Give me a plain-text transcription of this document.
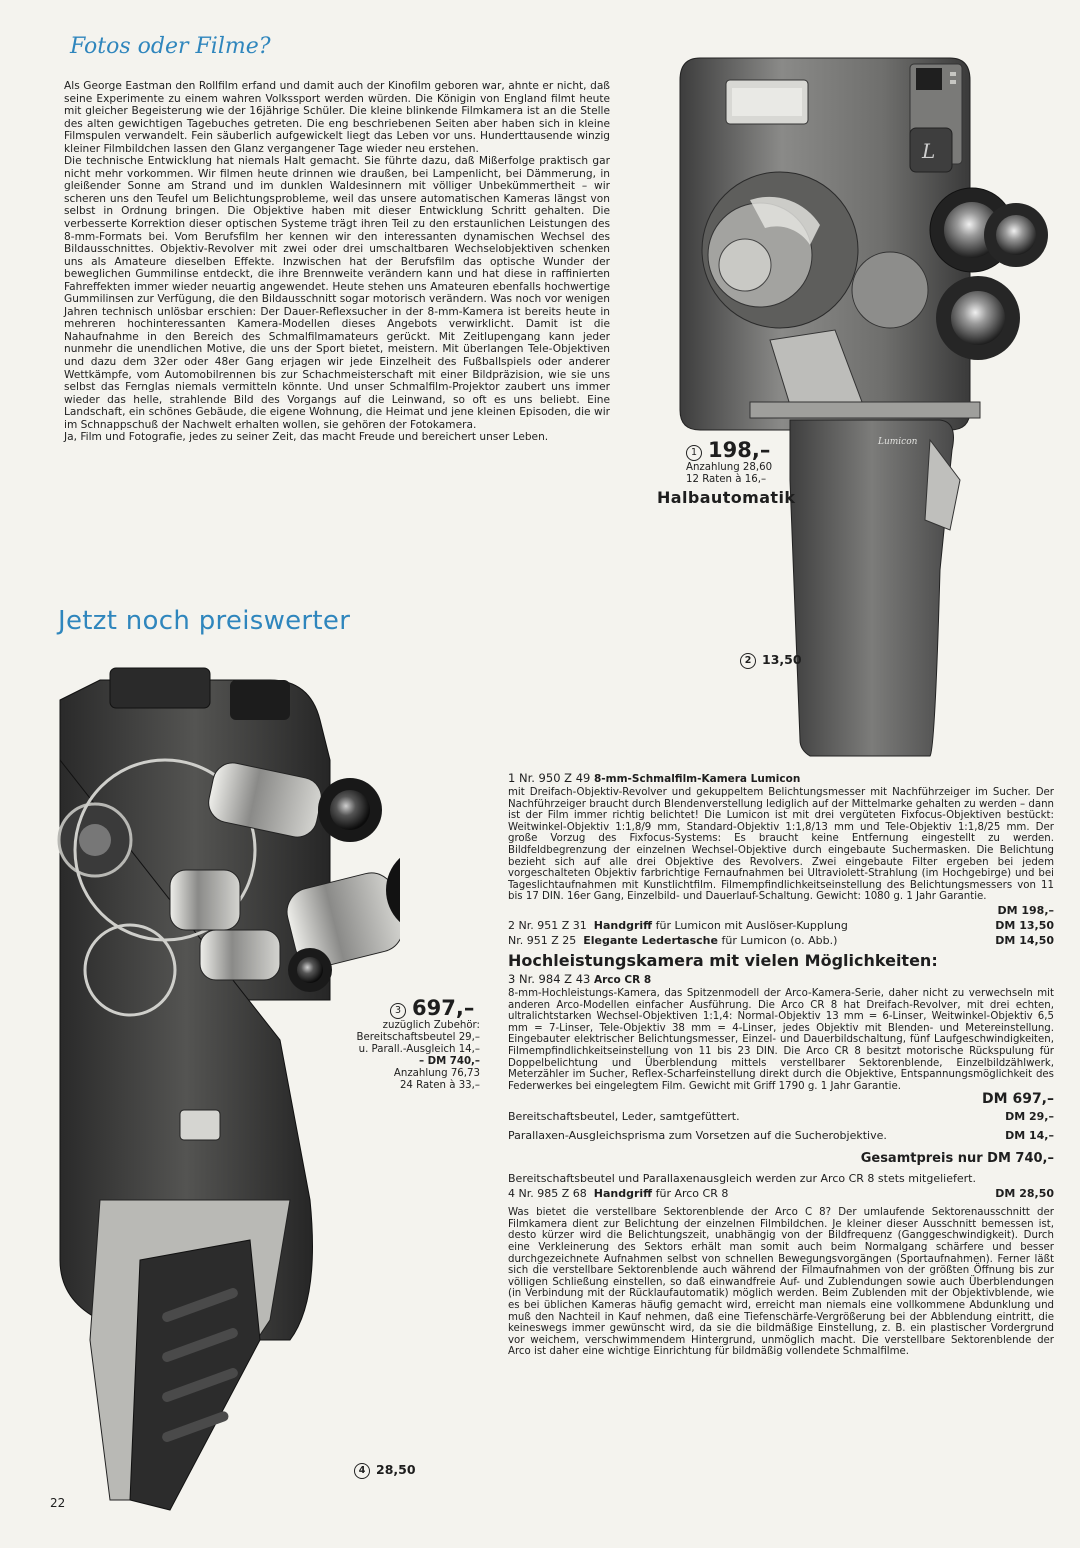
Fotos oder Filme?

Als George Eastman den Rollfilm erfand und damit auch der Kinofilm geboren war, ahnte er nicht, daß seine Experimente zu einem wahren Volkssport werden würden. Die Königin von England filmt heute mit gleicher Begeisterung wie der 16jährige Schüler. Die kleine blinkende Filmkamera ist an die Stelle des alten gewichtigen Tagebuches getreten. Die eng beschriebenen Seiten aber haben sich in kleine Filmspulen verwandelt. Fein säuberlich aufgewickelt liegt das Leben vor uns. Hunderttausende winzig kleiner Filmbildchen lassen den Glanz vergangener Tage wieder neu erstehen.

Die technische Entwicklung hat niemals Halt gemacht. Sie führte dazu, daß Mißerfolge praktisch gar nicht mehr vorkommen. Wir filmen heute drinnen wie draußen, bei Lampenlicht, bei Dämmerung, in gleißender Sonne am Strand und im dunklen Waldesinnern mit völliger Unbekümmertheit – wir scheren uns den Teufel um Belichtungsprobleme, weil das unsere automatischen Kameras längst von selbst in Ordnung bringen. Die Objektive haben mit dieser Entwicklung Schritt gehalten. Die verbesserte Korrektion dieser optischen Systeme trägt ihren Teil zu den erstaunlichen Leistungen des 8-mm-Formats bei. Vom Berufsfilm her kennen wir den interessanten dynamischen Wechsel des Bildausschnittes. Objektiv-Revolver mit zwei oder drei umschaltbaren Wechselobjektiven schenken uns als Amateure dieselben Effekte. Inzwischen hat der Berufsfilm das optische Wunder der beweglichen Gummilinse entdeckt, die ihre Brennweite verändern kann und hat diese in raffinierten Fahreffekten immer wieder neuartig angewendet. Heute stehen uns Amateuren ebenfalls hochwertige Gummilinsen zur Verfügung, die den Bildausschnitt sogar motorisch verändern. Was noch vor wenigen Jahren technisch unlösbar erschien: Der Dauer-Reflexsucher in der 8-mm-Kamera ist bereits heute in mehreren hochinteressanten Kamera-Modellen dieses Angebots verwirklicht. Damit ist die Nahaufnahme in den Bereich des Schmalfilmamateurs gerückt. Mit Zeitlupengang kann jeder nunmehr die unendlichen Motive, die uns der Sport bietet, meistern. Mit überlangen Tele-Objektiven und dazu dem 32er oder 48er Gang erjagen wir jede Einzelheit des Fußballspiels oder anderer Wettkämpfe, vom Automobilrennen bis zur Schachmeisterschaft mit einer Bildpräzision, wie sie uns selbst das Fernglas niemals vermitteln könnte. Und unser Schmalfilm-Projektor zaubert uns immer wieder das helle, strahlende Bild des Vorgangs auf die Leinwand, so oft es uns beliebt. Eine Landschaft, ein schönes Gebäude, die eigene Wohnung, die Heimat und jene kleinen Episoden, die wir im Schnappschuß der Nachwelt erhalten wollen, sie gehören der Fotokamera.

Ja, Film und Fotografie, jedes zu seiner Zeit, das macht Freude und bereichert unser Leben.

Jetzt noch preiswerter
L
Lumicon
1 198,–
Anzahlung 28,60
12 Raten à 16,–
Halbautomatik
2 13,50
3 697,–
zuzüglich Zubehör:
Bereitschaftsbeutel 29,–
u. Parall.-Ausgleich 14,–
– DM 740,–
Anzahlung 76,73
24 Raten à 33,–
4 28,50
1 Nr. 950 Z 49 8-mm-Schmalfilm-Kamera Lumicon

mit Dreifach-Objektiv-Revolver und gekuppeltem Belichtungsmesser mit Nachführzeiger im Sucher. Der Nachführzeiger braucht durch Blendenverstellung lediglich auf der Mittelmarke gehalten zu werden – dann ist der Film immer richtig belichtet! Die Lumicon ist mit drei vergüteten Fixfocus-Objektiven bestückt: Weitwinkel-Objektiv 1:1,8/9 mm, Standard-Objektiv 1:1,8/13 mm und Tele-Objektiv 1:1,8/25 mm. Der große Vorzug des Fixfocus-Systems: Es braucht keine Entfernung eingestellt zu werden. Bildfeldbegrenzung der einzelnen Wechsel-Objektive durch eingebaute Suchermasken. Die Belichtung bezieht sich auf alle drei Objektive des Revolvers. Zwei eingebaute Filter ergeben bei jedem vorgeschalteten Objektiv farbrichtige Fernaufnahmen bei Ultraviolett-Strahlung (im Hochgebirge) und bei Tageslichtaufnahmen mit Kunstlichtfilm. Filmempfindlichkeitseinstellung des Belichtungsmessers von 11 bis 17 DIN. 16er Gang, Einzelbild- und Dauerlauf-Schaltung. Gewicht: 1080 g. 1 Jahr Garantie.

DM 198,–
2 Nr. 951 Z 31 Handgriff für Lumicon mit Auslöser-Kupplung	DM 13,50
Nr. 951 Z 25 Elegante Ledertasche für Lumicon (o. Abb.)	DM 14,50
Hochleistungskamera mit vielen Möglichkeiten:
3 Nr. 984 Z 43 Arco CR 8

8-mm-Hochleistungs-Kamera, das Spitzenmodell der Arco-Kamera-Serie, daher nicht zu verwechseln mit anderen Arco-Modellen einfacher Ausführung. Die Arco CR 8 hat Dreifach-Revolver, mit drei echten, ultralichtstarken Wechsel-Objektiven 1:1,4: Normal-Objektiv 13 mm = 6-Linser, Weitwinkel-Objektiv 6,5 mm = 7-Linser, Tele-Objektiv 38 mm = 4-Linser, jedes Objektiv mit Blenden- und Metereinstellung. Eingebauter elektrischer Belichtungsmesser, Einzel- und Dauerbildschaltung, fünf Laufgeschwindigkeiten, Filmempfindlichkeitseinstellung von 11 bis 23 DIN. Die Arco CR 8 besitzt motorische Rückspulung für Doppelbelichtung und Überblendung mittels verstellbarer Sektorenblende, Einzelbildzählwerk, Meterzähler im Sucher, Reflex-Scharfeinstellung direkt durch die Objektive, Entspannungsmöglichkeit des Federwerkes bei eingelegtem Film. Gewicht mit Griff 1790 g. 1 Jahr Garantie.

DM 697,–
Bereitschaftsbeutel, Leder, samtgefüttert.	DM 29,–
Parallaxen-Ausgleichsprisma zum Vorsetzen auf die Sucherobjektive.	DM 14,–
Gesamtpreis nur DM 740,–
Bereitschaftsbeutel und Parallaxenausgleich werden zur Arco CR 8 stets mitgeliefert.
4 Nr. 985 Z 68 Handgriff für Arco CR 8	DM 28,50

Was bietet die verstellbare Sektorenblende der Arco C 8? Der umlaufende Sektorenausschnitt der Filmkamera dient zur Belichtung der einzelnen Filmbildchen. Je kleiner dieser Ausschnitt bemessen ist, desto kürzer wird die Belichtungszeit, unabhängig von der Bildfrequenz (Ganggeschwindigkeit). Durch eine Verkleinerung des Sektors erhält man somit auch beim Normalgang schärfere und besser durchgezeichnete Aufnahmen selbst von schnellen Bewegungsvorgängen (Sportaufnahmen). Ferner läßt sich die verstellbare Sektorenblende auch während der Filmaufnahmen von der größten Öffnung bis zur völligen Schließung einstellen, so daß einwandfreie Auf- und Zublendungen sowie auch Überblendungen (in Verbindung mit der Rücklaufautomatik) möglich werden. Beim Zublenden mit der Objektivblende, wie es bei üblichen Kameras häufig gemacht wird, erreicht man niemals eine vollkommene Abdunklung und muß den Nachteil in Kauf nehmen, daß eine Tiefenschärfe-Vergrößerung bei der Abblendung eintritt, die keineswegs immer gewünscht wird, da sie die bildmäßige Einstellung, z. B. ein plastischer Vordergrund vor weichem, verschwimmendem Hintergrund, unmöglich macht. Die verstellbare Sektorenblende der Arco ist daher eine wichtige Einrichtung für bildmäßig vollendete Schmalfilme.

22
